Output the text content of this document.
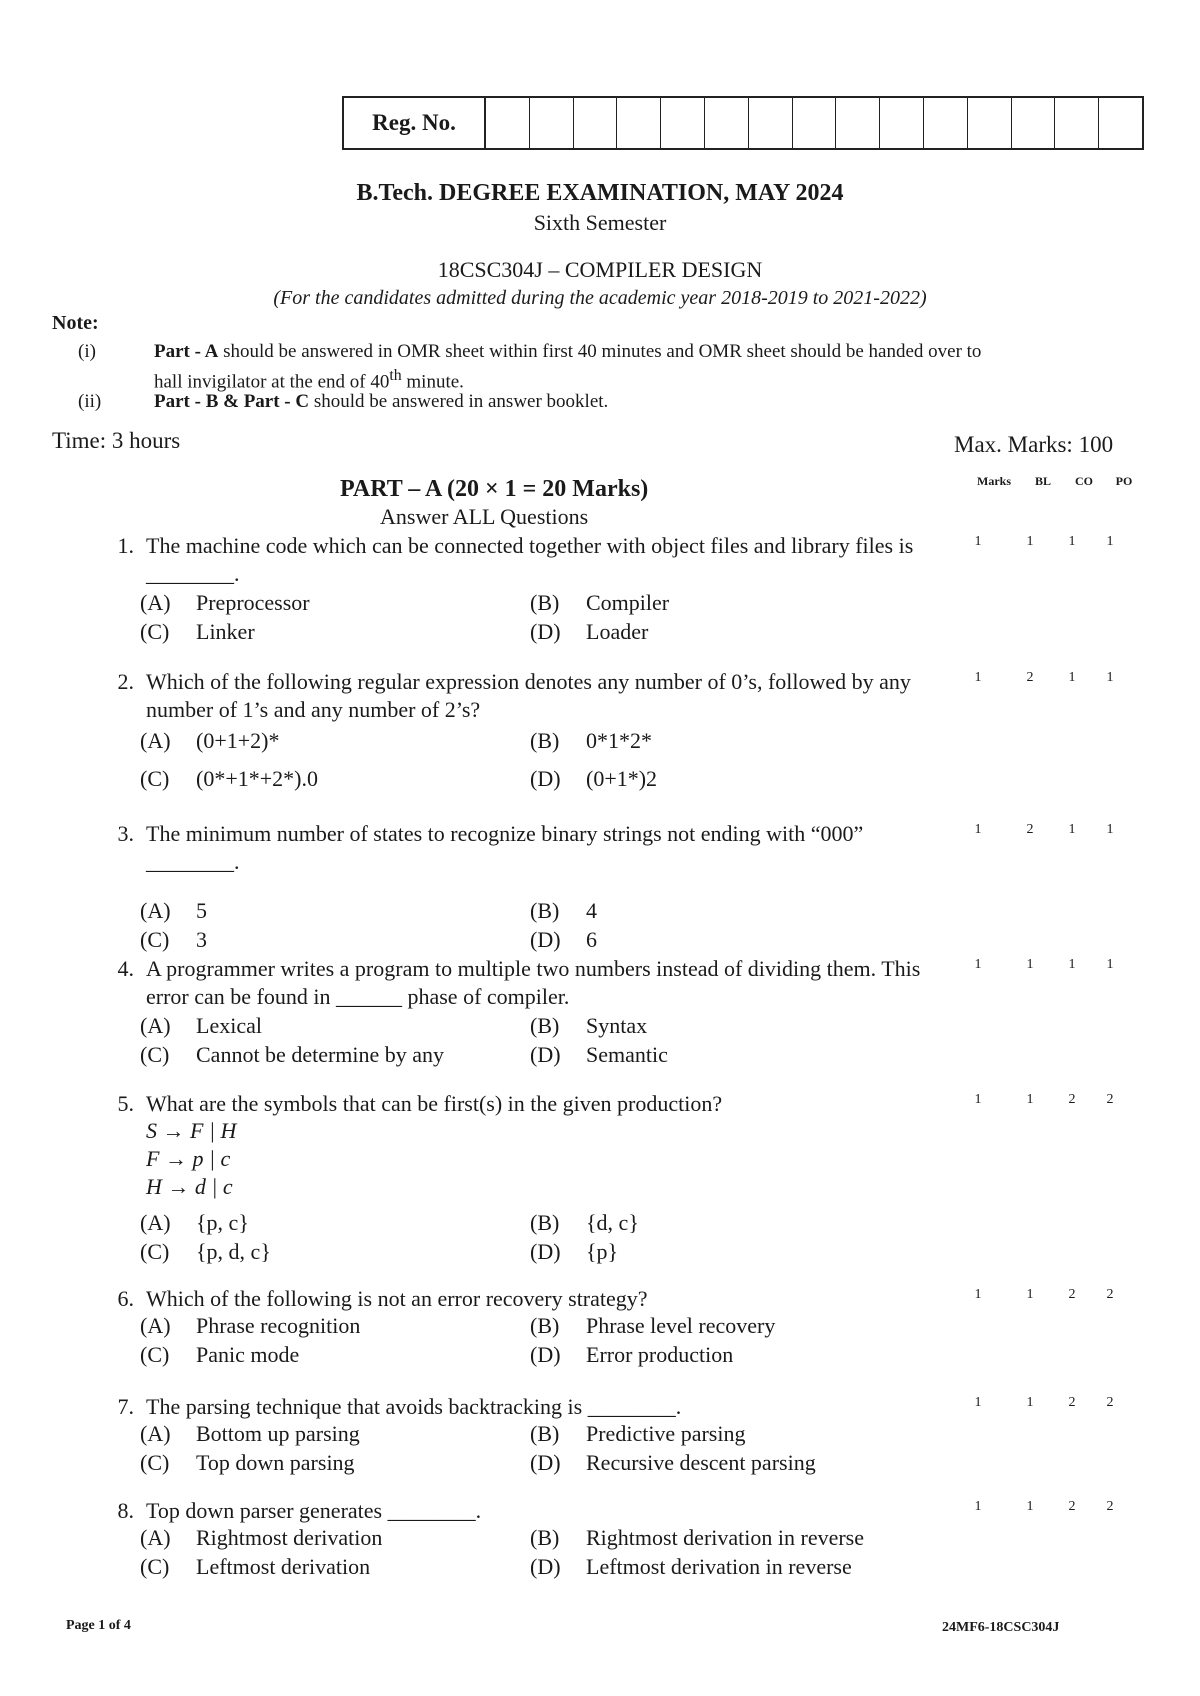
Reg. No.
B.Tech. DEGREE EXAMINATION, MAY 2024
Sixth Semester
18CSC304J – COMPILER DESIGN
(For the candidates admitted during the academic year 2018-2019 to 2021-2022)
Note:
(i)	Part - A should be answered in OMR sheet within first 40 minutes and OMR sheet should be handed over to
hall invigilator at the end of 40th minute.
(ii)	Part - B & Part - C should be answered in answer booklet.
Time: 3 hours	Max. Marks: 100
PART – A (20 × 1 = 20 Marks)
Answer ALL Questions
Marks	BL	CO	PO
1. The machine code which can be connected together with object files and library files is ________.
1	1	1	1
(A)	Preprocessor	(B)	Compiler
(C)	Linker	(D)	Loader
2. Which of the following regular expression denotes any number of 0’s, followed by any number of 1’s and any number of 2’s?
1	2	1	1
(A)	(0+1+2)*	(B)	0*1*2*
(C)	(0*+1*+2*).0	(D)	(0+1*)2
3. The minimum number of states to recognize binary strings not ending with “000” ________.
1	2	1	1
(A)	5	(B)	4
(C)	3	(D)	6
4. A programmer writes a program to multiple two numbers instead of dividing them. This error can be found in ______ phase of compiler.
1	1	1	1
(A)	Lexical	(B)	Syntax
(C)	Cannot be determine by any	(D)	Semantic
5. What are the symbols that can be first(s) in the given production?	1	1	2	2
S → F | H
F → p | c
H → d | c
(A)	{p, c}	(B)	{d, c}
(C)	{p, d, c}	(D)	{p}
6. Which of the following is not an error recovery strategy?	1	1	2	2
(A)	Phrase recognition	(B)	Phrase level recovery
(C)	Panic mode	(D)	Error production
7. The parsing technique that avoids backtracking is ________.	1	1	2	2
(A)	Bottom up parsing	(B)	Predictive parsing
(C)	Top down parsing	(D)	Recursive descent parsing
8. Top down parser generates ________.	1	1	2	2
(A)	Rightmost derivation	(B)	Rightmost derivation in reverse
(C)	Leftmost derivation	(D)	Leftmost derivation in reverse
Page 1 of 4	24MF6-18CSC304J
